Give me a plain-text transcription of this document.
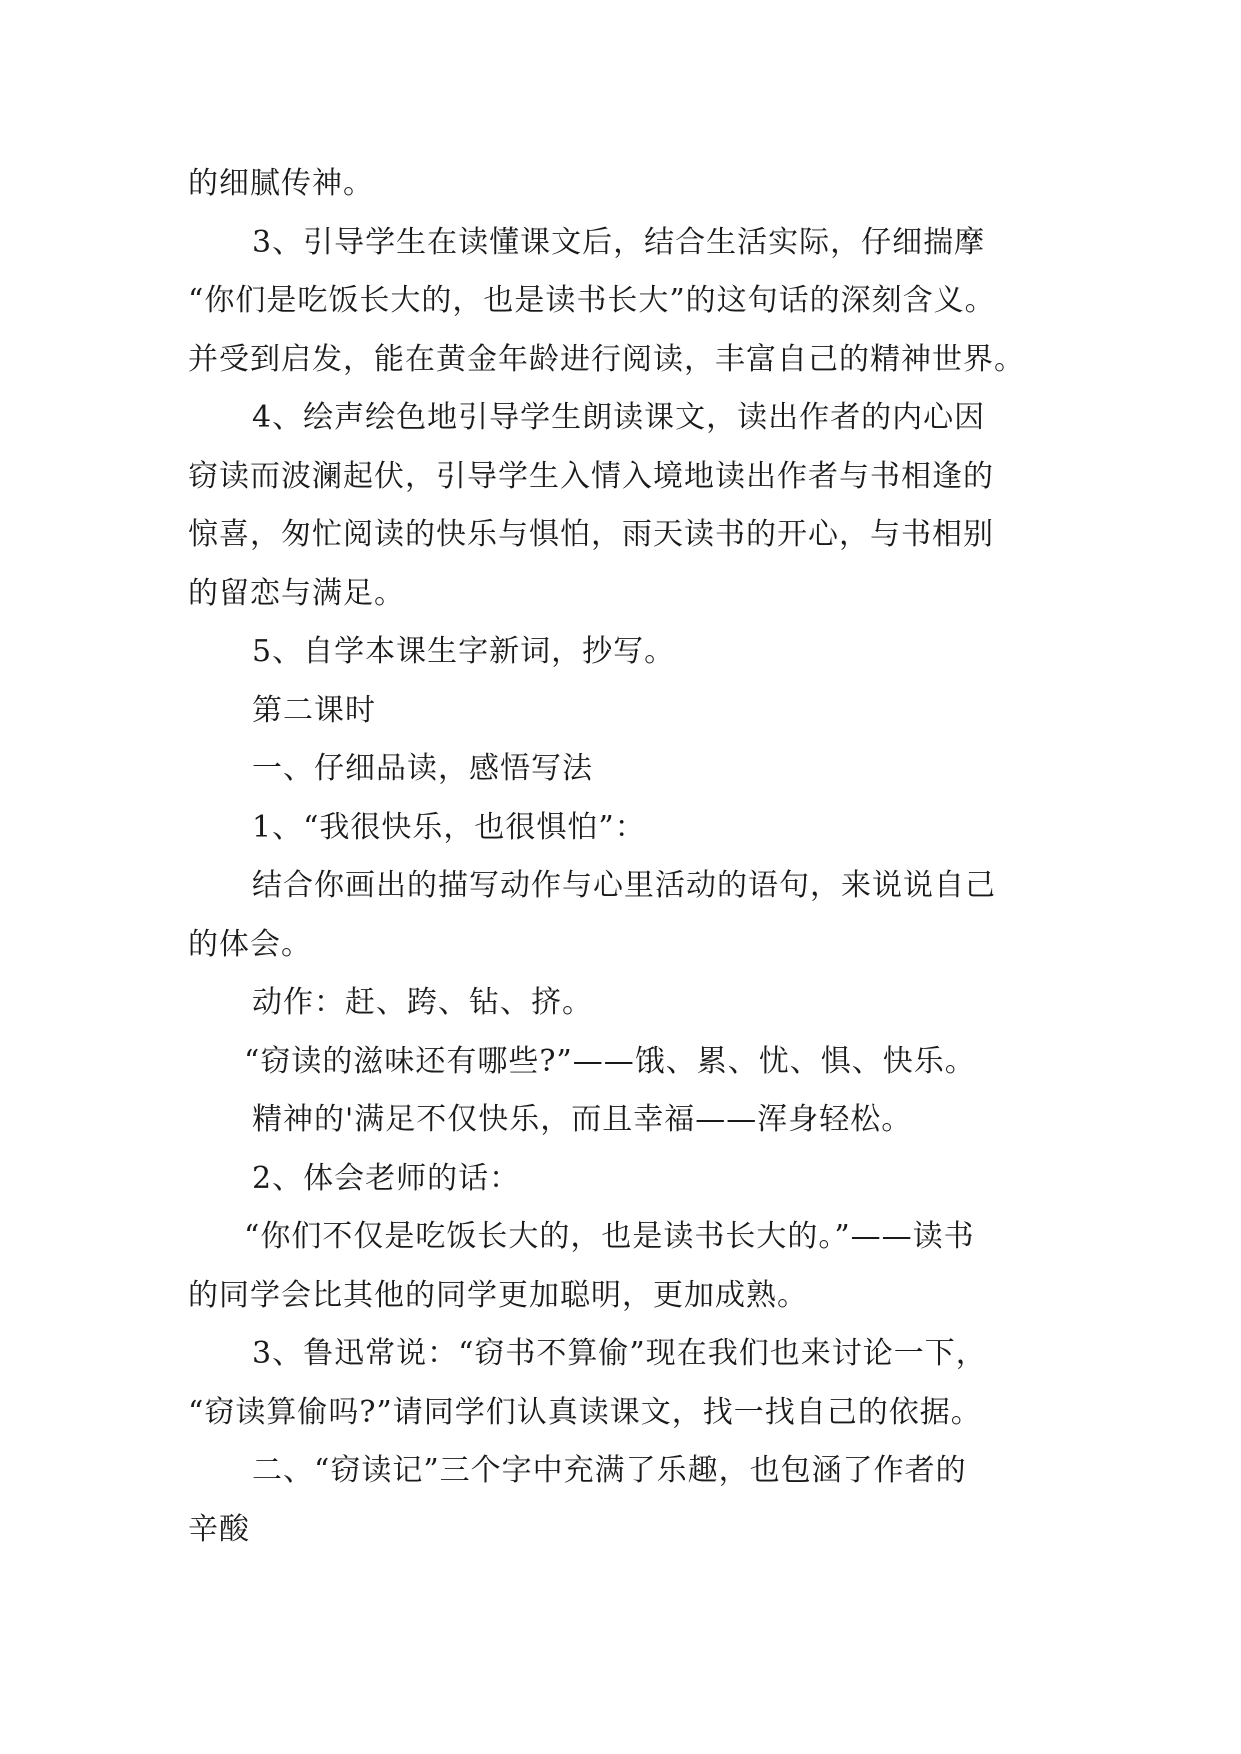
的细腻传神。
3、引导学生在读懂课文后，结合生活实际，仔细揣摩
“你们是吃饭长大的，也是读书长大”的这句话的深刻含义。
并受到启发，能在黄金年龄进行阅读，丰富自己的精神世界。
4、绘声绘色地引导学生朗读课文，读出作者的内心因
窃读而波澜起伏，引导学生入情入境地读出作者与书相逢的
惊喜，匆忙阅读的快乐与惧怕，雨天读书的开心，与书相别
的留恋与满足。
5、自学本课生字新词，抄写。
第二课时
一、仔细品读，感悟写法
1、“我很快乐，也很惧怕”：
结合你画出的描写动作与心里活动的语句，来说说自己
的体会。
动作：赶、跨、钻、挤。
“窃读的滋味还有哪些?”——饿、累、忧、惧、快乐。
精神的'满足不仅快乐，而且幸福——浑身轻松。
2、体会老师的话：
“你们不仅是吃饭长大的，也是读书长大的。”——读书
的同学会比其他的同学更加聪明，更加成熟。
3、鲁迅常说：“窃书不算偷”现在我们也来讨论一下，
“窃读算偷吗?”请同学们认真读课文，找一找自己的依据。
二、“窃读记”三个字中充满了乐趣，也包涵了作者的
辛酸
